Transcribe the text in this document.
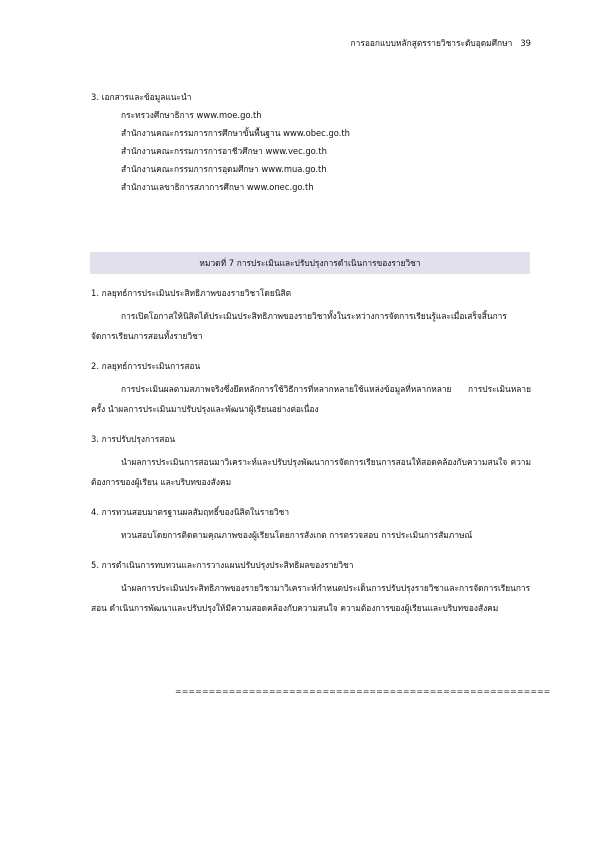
การออกแบบหลักสูตรรายวิชาระดับอุดมศึกษา 39
3. เอกสารและข้อมูลแนะนำ
กระทรวงศึกษาธิการ www.moe.go.th
สำนักงานคณะกรรมการการศึกษาขั้นพื้นฐาน www.obec.go.th
สำนักงานคณะกรรมการการอาชีวศึกษา www.vec.go.th
สำนักงานคณะกรรมการการอุดมศึกษา www.mua.go.th
สำนักงานเลขาธิการสภาการศึกษา www.onec.go.th
หมวดที่ 7 การประเมินและปรับปรุงการดำเนินการของรายวิชา
1. กลยุทธ์การประเมินประสิทธิภาพของรายวิชาโดยนิสิต

การเปิดโอกาสให้นิสิตได้ประเมินประสิทธิภาพของรายวิชาทั้งในระหว่างการจัดการเรียนรู้และเมื่อเสร็จสิ้นการจัดการเรียนการสอนทั้งรายวิชา

2. กลยุทธ์การประเมินการสอน

การประเมินผลตามสภาพจริงซึ่งยึดหลักการใช้วิธีการที่หลากหลายใช้แหล่งข้อมูลที่หลากหลาย การประเมินหลายครั้ง นำผลการประเมินมาปรับปรุงและพัฒนาผู้เรียนอย่างต่อเนื่อง

3. การปรับปรุงการสอน

นำผลการประเมินการสอนมาวิเคราะห์และปรับปรุงพัฒนาการจัดการเรียนการสอนให้สอดคล้องกับความสนใจ ความต้องการของผู้เรียน และบริบทของสังคม

4. การทวนสอบมาตรฐานผลสัมฤทธิ์ของนิสิตในรายวิชา

ทวนสอบโดยการติดตามคุณภาพของผู้เรียนโดยการสังเกต การตรวจสอบ การประเมินการสัมภาษณ์

5. การดำเนินการทบทวนและการวางแผนปรับปรุงประสิทธิผลของรายวิชา

นำผลการประเมินประสิทธิภาพของรายวิชามาวิเคราะห์กำหนดประเด็นการปรับปรุงรายวิชาและการจัดการเรียนการสอน ดำเนินการพัฒนาและปรับปรุงให้มีความสอดคล้องกับความสนใจ ความต้องการของผู้เรียนและบริบทของสังคม

========================================================
